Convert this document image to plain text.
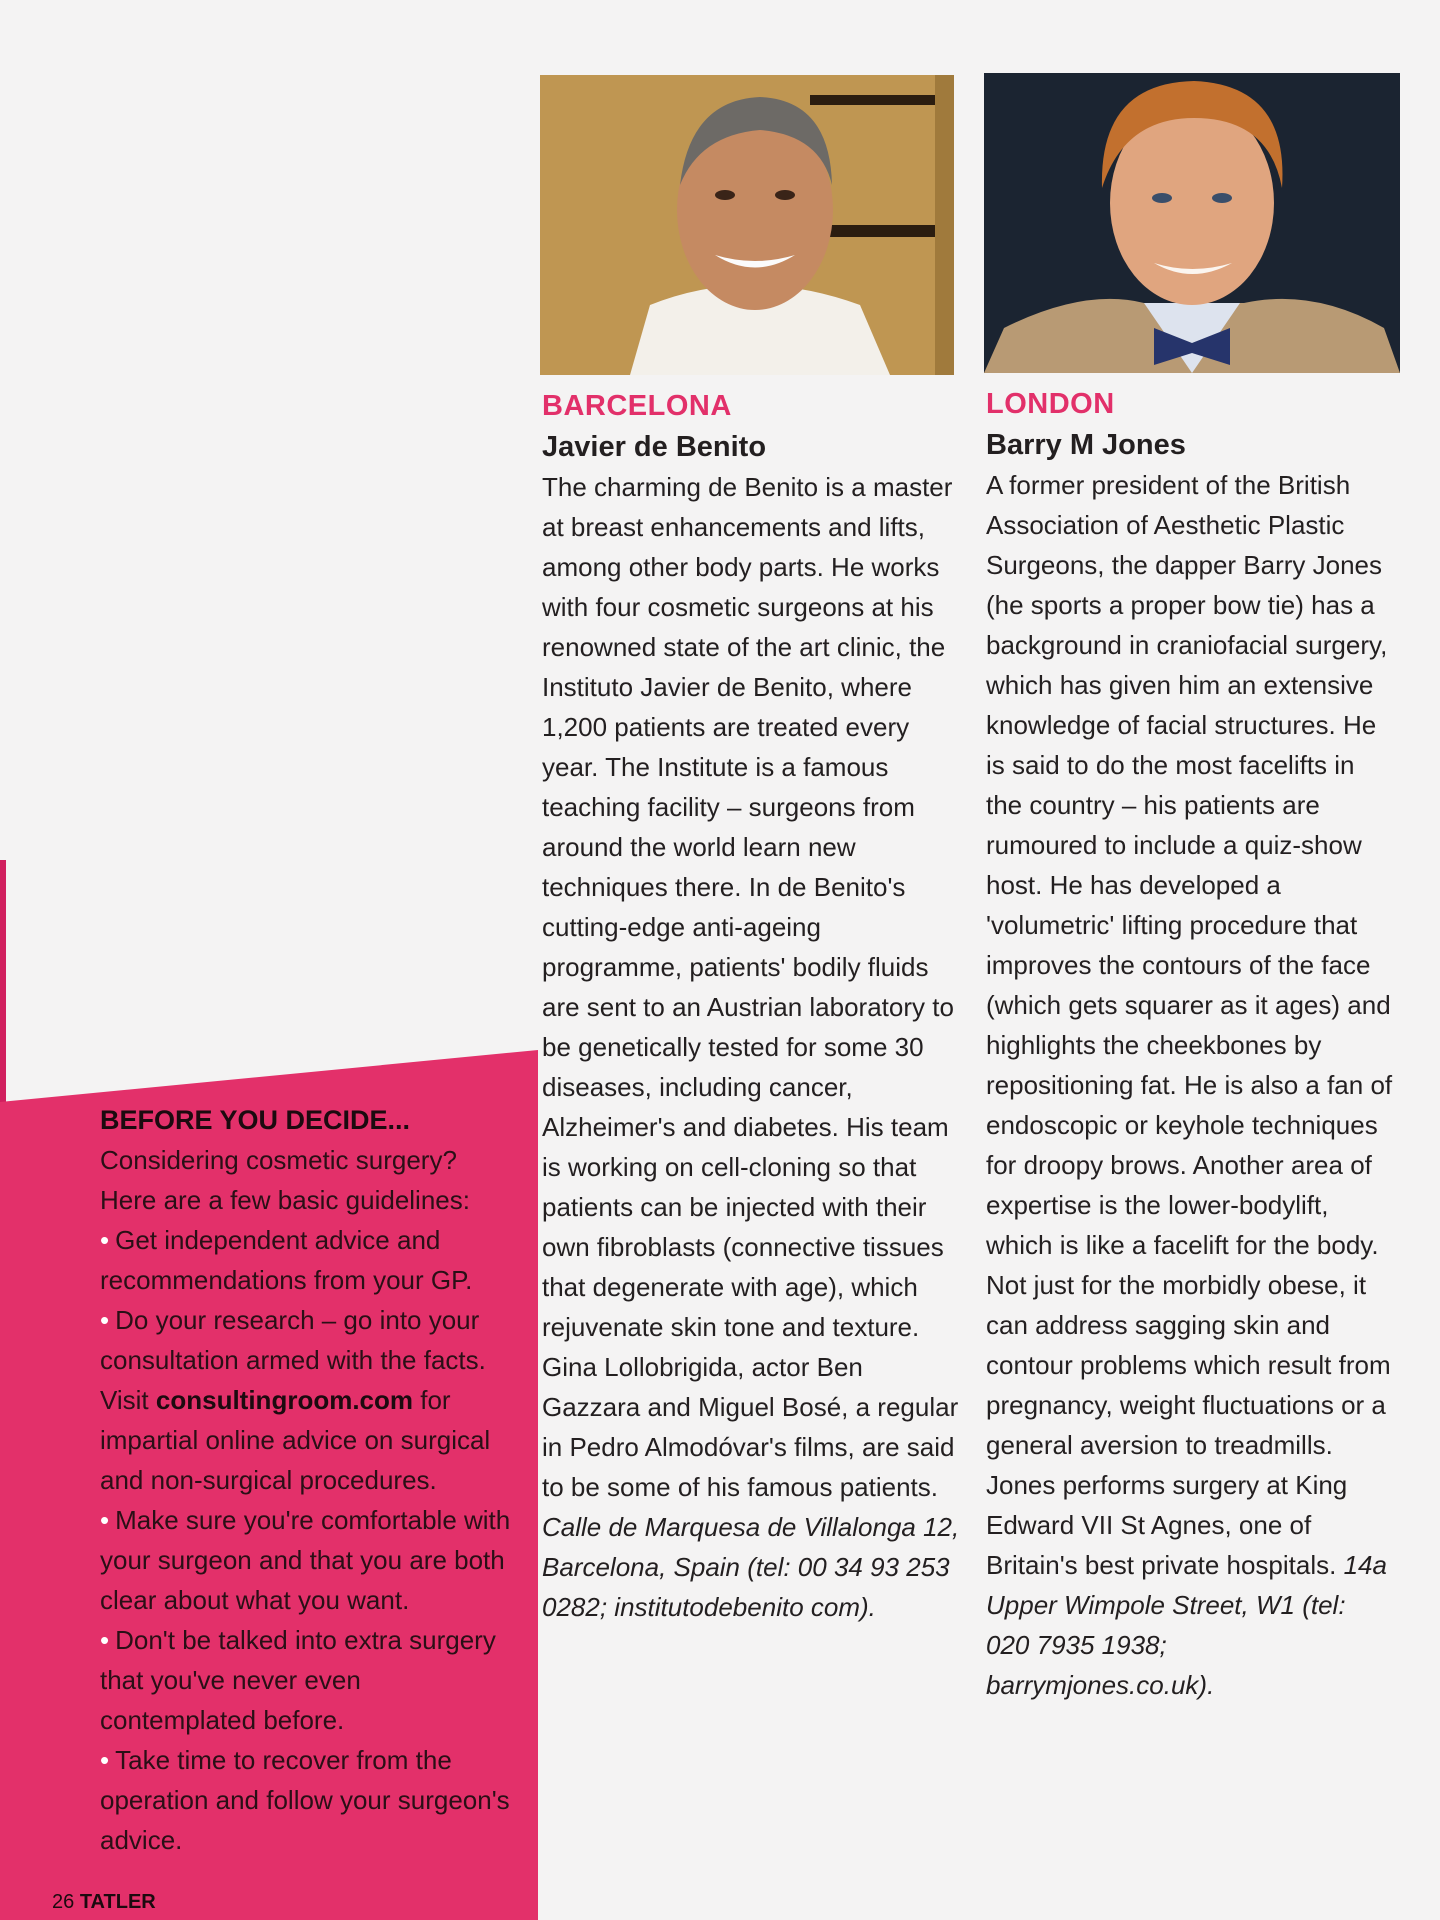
BEFORE YOU DECIDE...

Considering cosmetic surgery? Here are a few basic guidelines:

• Get independent advice and recommendations from your GP.

• Do your research – go into your consultation armed with the facts. Visit consultingroom.com for impartial online advice on surgical and non-surgical procedures.

• Make sure you're comfortable with your surgeon and that you are both clear about what you want.

• Don't be talked into extra surgery that you've never even contemplated before.

• Take time to recover from the operation and follow your surgeon's advice.

26 TATLER
BARCELONA
Javier de Benito

The charming de Benito is a master at breast enhancements and lifts, among other body parts. He works with four cosmetic surgeons at his renowned state of the art clinic, the Instituto Javier de Benito, where 1,200 patients are treated every year. The Institute is a famous teaching facility – surgeons from around the world learn new techniques there. In de Benito's cutting-edge anti-ageing programme, patients' bodily fluids are sent to an Austrian laboratory to be genetically tested for some 30 diseases, including cancer, Alzheimer's and diabetes. His team is working on cell-cloning so that patients can be injected with their own fibroblasts (connective tissues that degenerate with age), which rejuvenate skin tone and texture. Gina Lollobrigida, actor Ben Gazzara and Miguel Bosé, a regular in Pedro Almodóvar's films, are said to be some of his famous patients. Calle de Marquesa de Villalonga 12, Barcelona, Spain (tel: 00 34 93 253 0282; institutodebenito com).

LONDON
Barry M Jones

A former president of the British Association of Aesthetic Plastic Surgeons, the dapper Barry Jones (he sports a proper bow tie) has a background in craniofacial surgery, which has given him an extensive knowledge of facial structures. He is said to do the most facelifts in the country – his patients are rumoured to include a quiz-show host. He has developed a 'volumetric' lifting procedure that improves the contours of the face (which gets squarer as it ages) and highlights the cheekbones by repositioning fat. He is also a fan of endoscopic or keyhole techniques for droopy brows. Another area of expertise is the lower-bodylift, which is like a facelift for the body. Not just for the morbidly obese, it can address sagging skin and contour problems which result from pregnancy, weight fluctuations or a general aversion to treadmills. Jones performs surgery at King Edward VII St Agnes, one of Britain's best private hospitals. 14a Upper Wimpole Street, W1 (tel: 020 7935 1938; barrymjones.co.uk).
